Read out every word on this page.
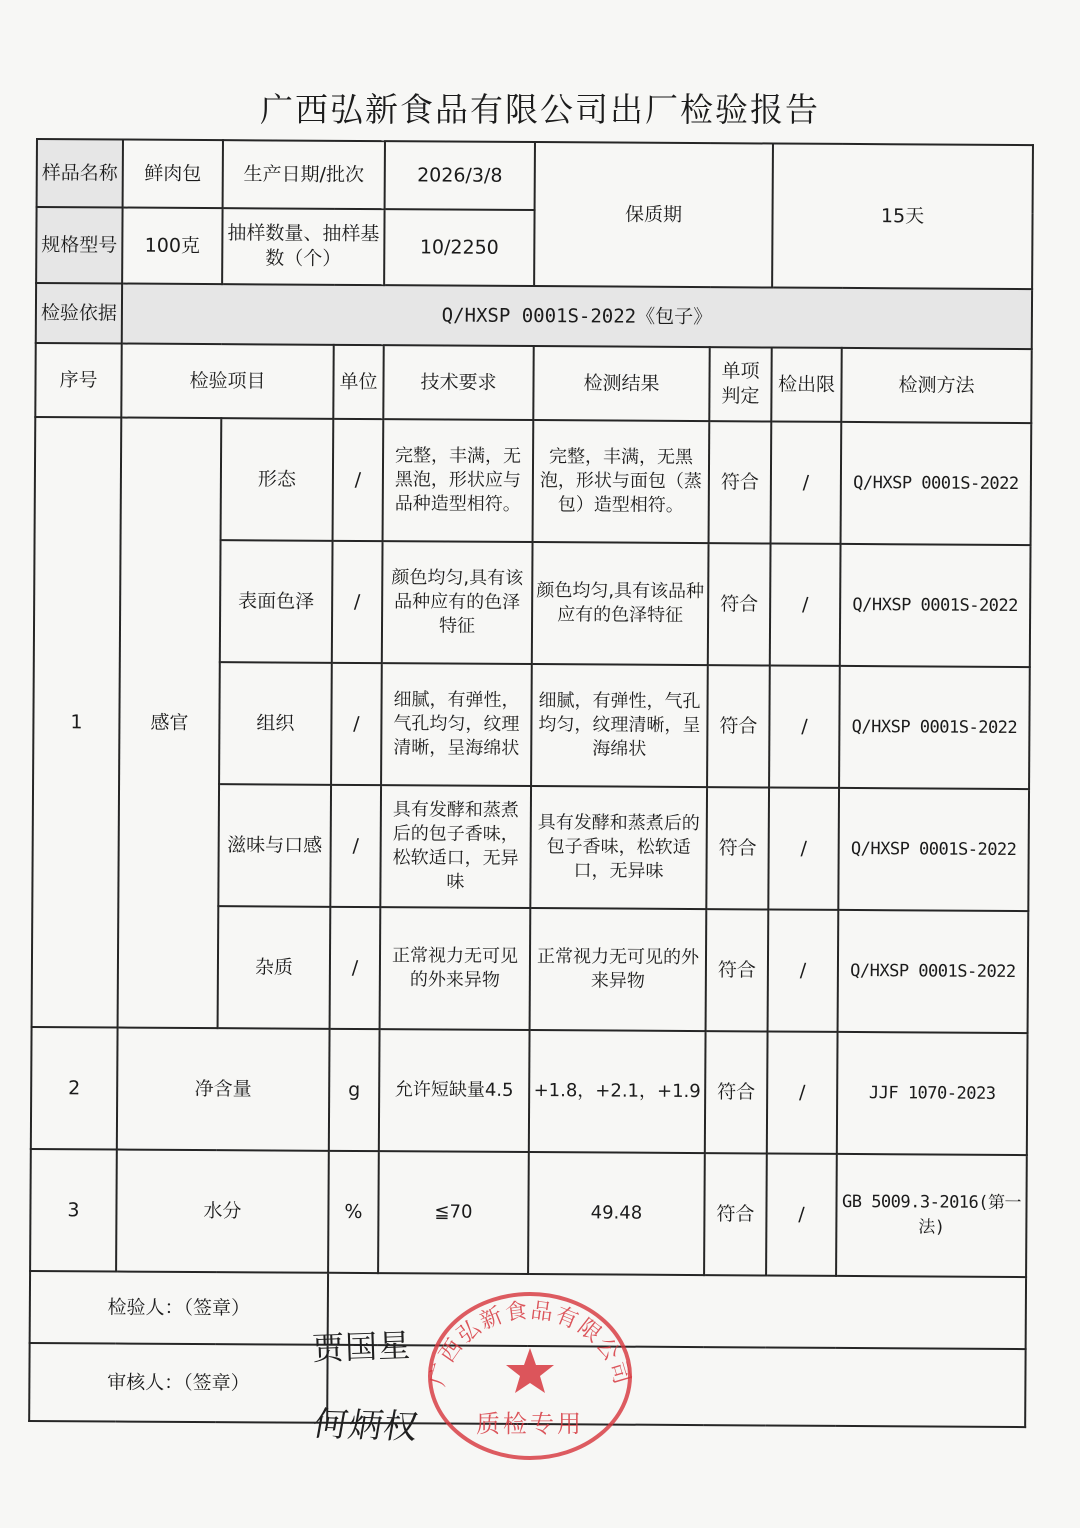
广西弘新食品有限公司出厂检验报告
样品名称	鲜肉包	生产日期/批次		2026/3/8	保质期		15天	
规格型号	100克	抽样数量、抽样基数（个）		10/2250				
检验依据	Q/HXSP 0001S-2022《包子》							
序号	检验项目		单位	技术要求	检测结果	单项判定	检出限	检测方法
1	感官	形态	/	完整，丰满，无黑泡，形状应与品种造型相符。	完整，丰满，无黑泡，形状与面包（蒸包）造型相符。	符合	/	Q/HXSP 0001S-2022
		表面色泽	/	颜色均匀,具有该品种应有的色泽特征	颜色均匀,具有该品种应有的色泽特征	符合	/	Q/HXSP 0001S-2022
		组织	/	细腻，有弹性，气孔均匀，纹理清晰，呈海绵状	细腻，有弹性，气孔均匀，纹理清晰，呈海绵状	符合	/	Q/HXSP 0001S-2022
		滋味与口感	/	具有发酵和蒸煮后的包子香味，松软适口，无异味	具有发酵和蒸煮后的包子香味，松软适口，无异味	符合	/	Q/HXSP 0001S-2022
		杂质	/	正常视力无可见的外来异物	正常视力无可见的外来异物	符合	/	Q/HXSP 0001S-2022
2	净含量		g	允许短缺量4.5	+1.8，+2.1，+1.9	符合	/	JJF 1070-2023
3	水分		%	≦70	49.48	符合	/	GB 5009.3-2016(第一法)
检验人：（签章）								
审核人：（签章）								
贾国星
何炳权
广西弘新食品有限公司
质检专用
